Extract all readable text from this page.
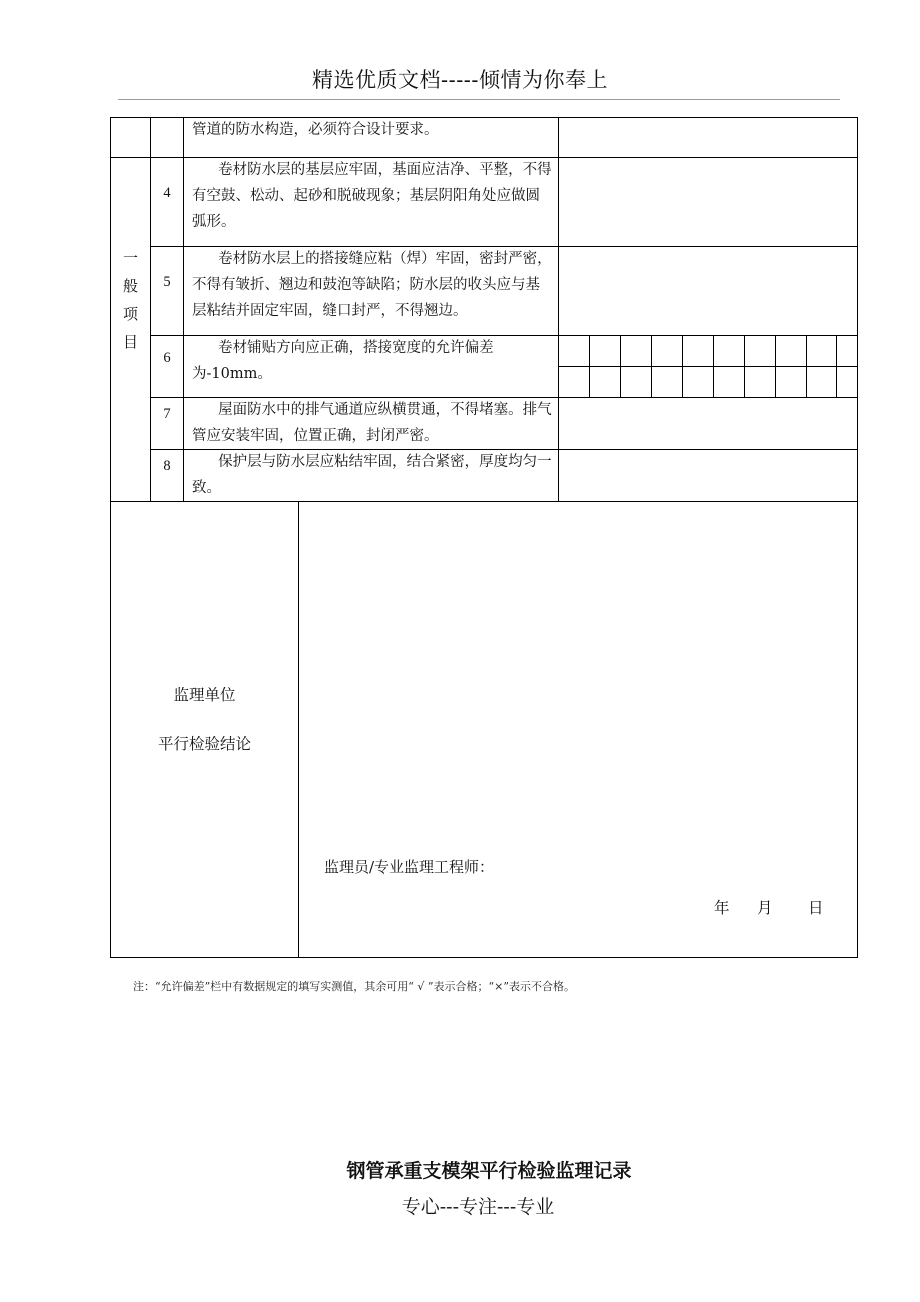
精选优质文档-----倾情为你奉上
一
般
项
目
管道的防水构造，必须符合设计要求。
4
卷材防水层的基层应牢固，基面应洁净、平整，不得有空鼓、松动、起砂和脱破现象；基层阴阳角处应做圆弧形。
5
卷材防水层上的搭接缝应粘（焊）牢固，密封严密，不得有皱折、翘边和鼓泡等缺陷；防水层的收头应与基层粘结并固定牢固，缝口封严，不得翘边。
6
卷材铺贴方向应正确，搭接宽度的允许偏差为-10mm。
7	屋面防水中的排气通道应纵横贯通，不得堵塞。排气管应安装牢固，位置正确，封闭严密。
8	保护层与防水层应粘结牢固，结合紧密，厚度均匀一致。
监理单位
平行检验结论
监理员/专业监理工程师：
年 月 日
注：“允许偏差”栏中有数据规定的填写实测值，其余可用“ √ ”表示合格；“×”表示不合格。
钢管承重支模架平行检验监理记录
专心---专注---专业
